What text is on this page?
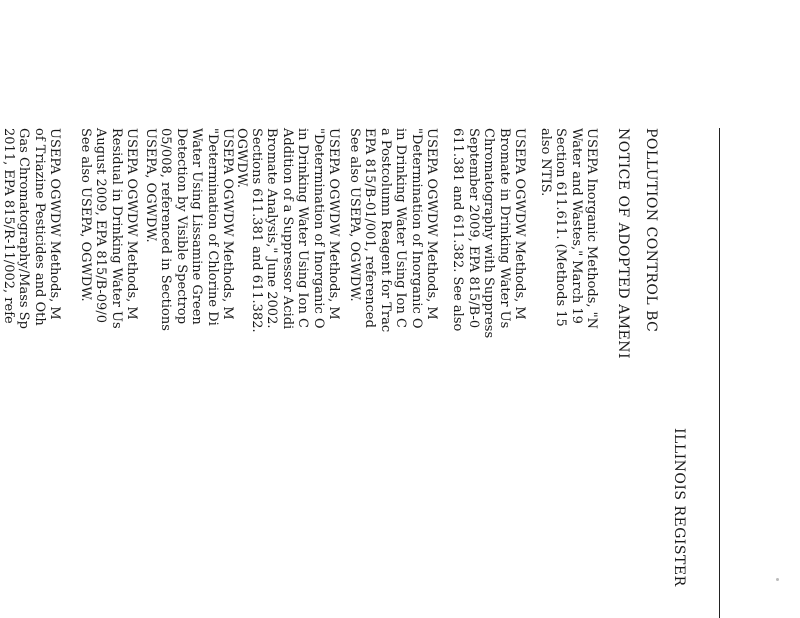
ILLINOIS REGISTER
POLLUTION CONTROL BC
NOTICE OF ADOPTED AMENI
USEPA Inorganic Methods, "N
Water and Wastes," March 19
Section 611.611. (Methods 15
also NTIS.
USEPA OGWDW Methods, M
Bromate in Drinking Water Us
Chromatography with Suppress
September 2009, EPA 815/B-0
611.381 and 611.382. See also
USEPA OGWDW Methods, M
"Determination of Inorganic O
in Drinking Water Using Ion C
a Postcolumn Reagent for Trac
EPA 815/B-01/001, referenced
See also USEPA, OGWDW.
USEPA OGWDW Methods, M
"Determination of Inorganic O
in Drinking Water Using Ion C
Addition of a Suppressor Acidi
Bromate Analysis," June 2002.
Sections 611.381 and 611.382.
OGWDW.
USEPA OGWDW Methods, M
"Determination of Chlorine Di
Water Using Lissamine Green
Detection by Visible Spectrop
05/008, referenced in Sections
USEPA, OGWDW.
USEPA OGWDW Methods, M
Residual in Drinking Water Us
August 2009, EPA 815/B-09/0
See also USEPA, OGWDW.
USEPA OGWDW Methods, M
of Triazine Pesticides and Oth
Gas Chromatography/Mass Sp
2011, EPA 815/R-11/002, refe
